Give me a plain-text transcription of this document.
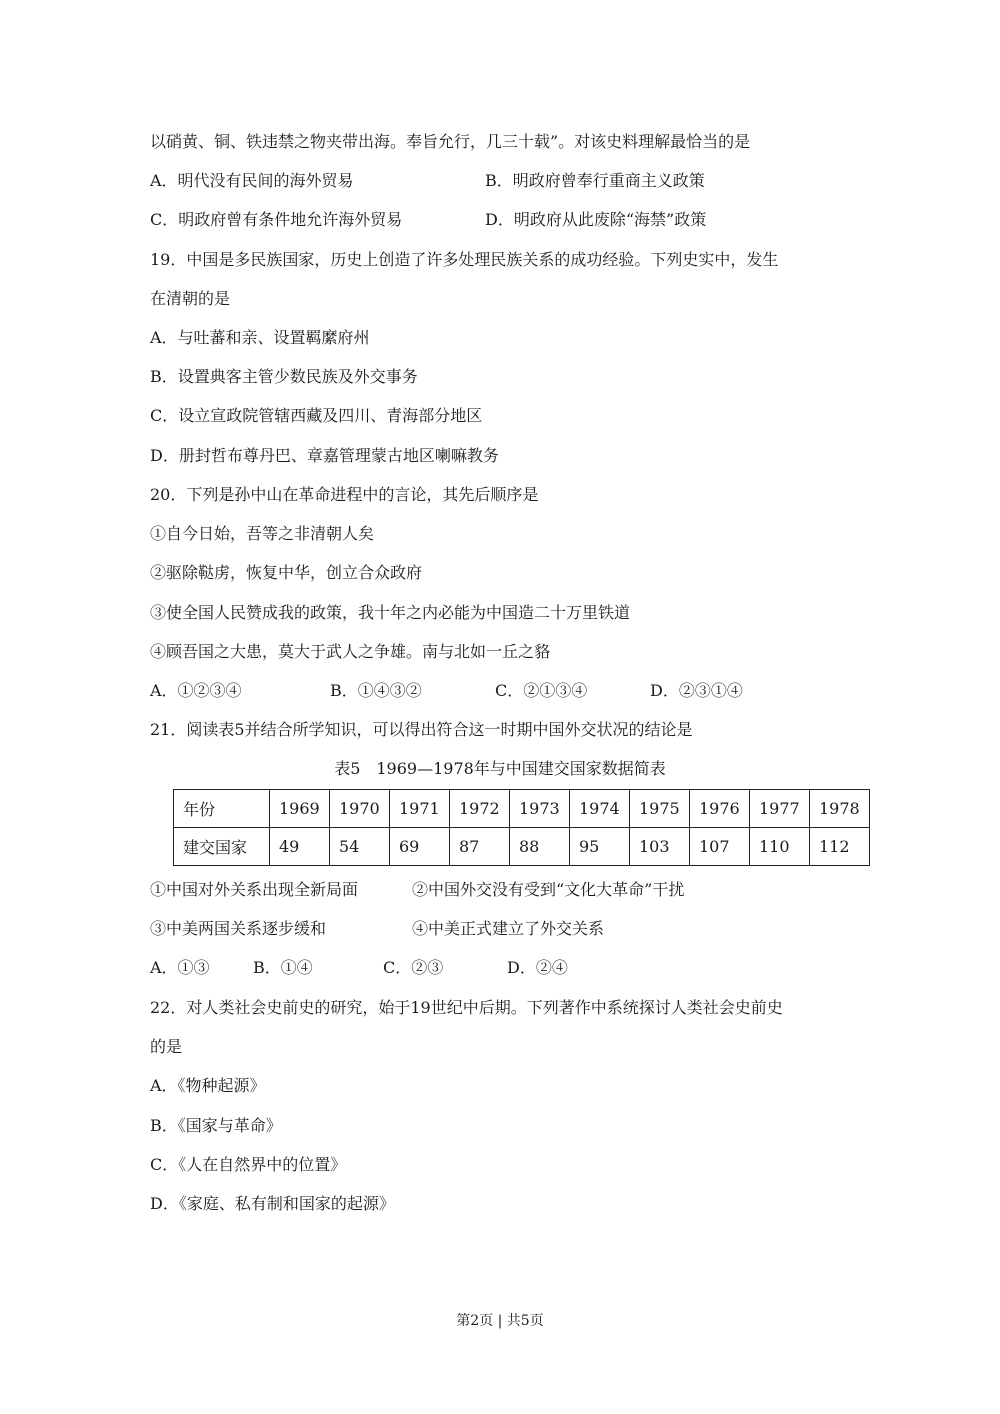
以硝黄、铜、铁违禁之物夹带出海。奉旨允行，几三十载”。对该史料理解最恰当的是
A．明代没有民间的海外贸易	B．明政府曾奉行重商主义政策
C．明政府曾有条件地允许海外贸易	D．明政府从此废除“海禁”政策
19．中国是多民族国家，历史上创造了许多处理民族关系的成功经验。下列史实中，发生
在清朝的是
A．与吐蕃和亲、设置羁縻府州
B．设置典客主管少数民族及外交事务
C．设立宣政院管辖西藏及四川、青海部分地区
D．册封哲布尊丹巴、章嘉管理蒙古地区喇嘛教务
20．下列是孙中山在革命进程中的言论，其先后顺序是
①自今日始，吾等之非清朝人矣
②驱除鞑虏，恢复中华，创立合众政府
③使全国人民赞成我的政策，我十年之内必能为中国造二十万里铁道
④顾吾国之大患，莫大于武人之争雄。南与北如一丘之貉
A．①②③④	B．①④③②	C．②①③④	D．②③①④
21．阅读表5并结合所学知识，可以得出符合这一时期中国外交状况的结论是
表5　1969—1978年与中国建交国家数据简表
年份	1969	1970	1971	1972	1973	1974	1975	1976	1977	1978
建交国家	49	54	69	87	88	95	103	107	110	112
①中国对外关系出现全新局面	②中国外交没有受到“文化大革命”干扰
③中美两国关系逐步缓和	④中美正式建立了外交关系
A．①③	B．①④	C．②③	D．②④
22．对人类社会史前史的研究，始于19世纪中后期。下列著作中系统探讨人类社会史前史
的是
A．《物种起源》
B．《国家与革命》
C．《人在自然界中的位置》
D．《家庭、私有制和国家的起源》
第2页 | 共5页
